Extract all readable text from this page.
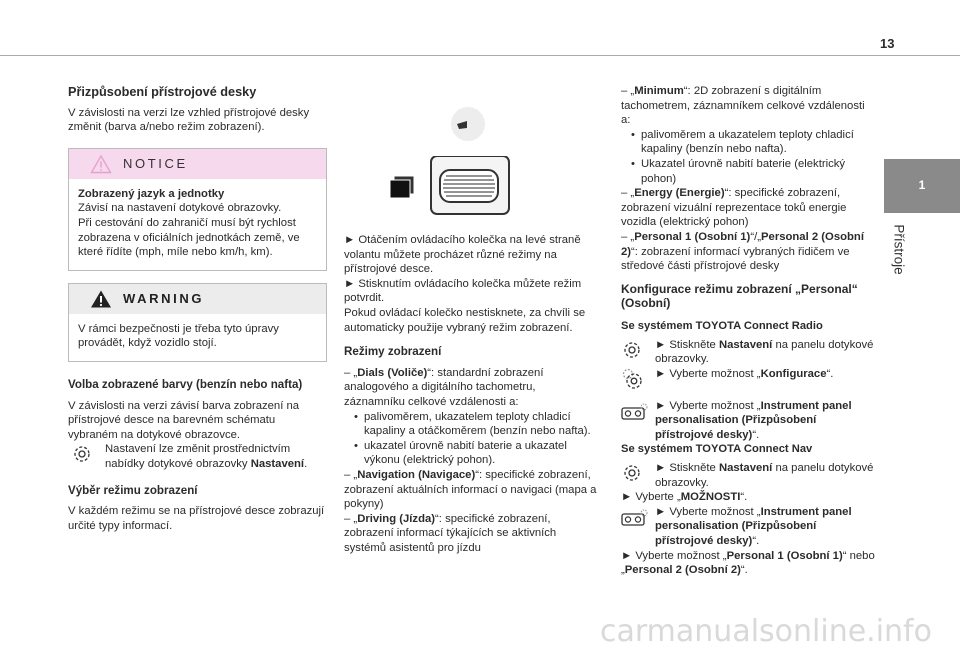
13
1
Přístroje
Přizpůsobení přístrojové desky

V závislosti na verzi lze vzhled přístrojové desky změnit (barva a/nebo režim zobrazení).

NOTICE

Zobrazený jazyk a jednotky

Závisí na nastavení dotykové obrazovky.

Při cestování do zahraničí musí být rychlost zobrazena v oficiálních jednotkách země, ve které řídíte (mph, míle nebo km/h, km).

WARNING

V rámci bezpečnosti je třeba tyto úpravy provádět, když vozidlo stojí.

Volba zobrazené barvy (benzín nebo nafta)

V závislosti na verzi závisí barva zobrazení na přístrojové desce na barevném schématu vybraném na dotykové obrazovce.

Nastavení lze změnit prostřednictvím nabídky dotykové obrazovky Nastavení.
Výběr režimu zobrazení

V každém režimu se na přístrojové desce zobrazují určité typy informací.

► Otáčením ovládacího kolečka na levé straně volantu můžete procházet různé režimy na přístrojové desce.

► Stisknutím ovládacího kolečka můžete režim potvrdit.

Pokud ovládací kolečko nestisknete, za chvíli se automaticky použije vybraný režim zobrazení.

Režimy zobrazení

– „Dials (Voliče)“: standardní zobrazení analogového a digitálního tachometru, záznamníku celkové vzdálenosti a:

• palivoměrem, ukazatelem teploty chladicí kapaliny a otáčkoměrem (benzín nebo nafta).
• ukazatel úrovně nabití baterie a ukazatel výkonu (elektrický pohon).

– „Navigation (Navigace)“: specifické zobrazení, zobrazení aktuálních informací o navigaci (mapa a pokyny)

– „Driving (Jízda)“: specifické zobrazení, zobrazení informací týkajících se aktivních systémů asistentů pro jízdu

– „Minimum“: 2D zobrazení s digitálním tachometrem, záznamníkem celkové vzdálenosti a:

• palivoměrem a ukazatelem teploty chladicí kapaliny (benzín nebo nafta).
• Ukazatel úrovně nabití baterie (elektrický pohon)

– „Energy (Energie)“: specifické zobrazení, zobrazení vizuální reprezentace toků energie vozidla (elektrický pohon)

– „Personal 1 (Osobní 1)“/„Personal 2 (Osobní 2)“: zobrazení informací vybraných řidičem ve středové části přístrojové desky

Konfigurace režimu zobrazení „Personal“ (Osobní)
Se systémem TOYOTA Connect Radio
► Stiskněte Nastavení na panelu dotykové obrazovky.
► Vyberte možnost „Konfigurace“.
► Vyberte možnost „Instrument panel personalisation (Přizpůsobení přístrojové desky)“.
Se systémem TOYOTA Connect Nav
► Stiskněte Nastavení na panelu dotykové obrazovky.

► Vyberte „MOŽNOSTI“.

► Vyberte možnost „Instrument panel personalisation (Přizpůsobení přístrojové desky)“.

► Vyberte možnost „Personal 1 (Osobní 1)“ nebo „Personal 2 (Osobní 2)“.

carmanualsonline.info
